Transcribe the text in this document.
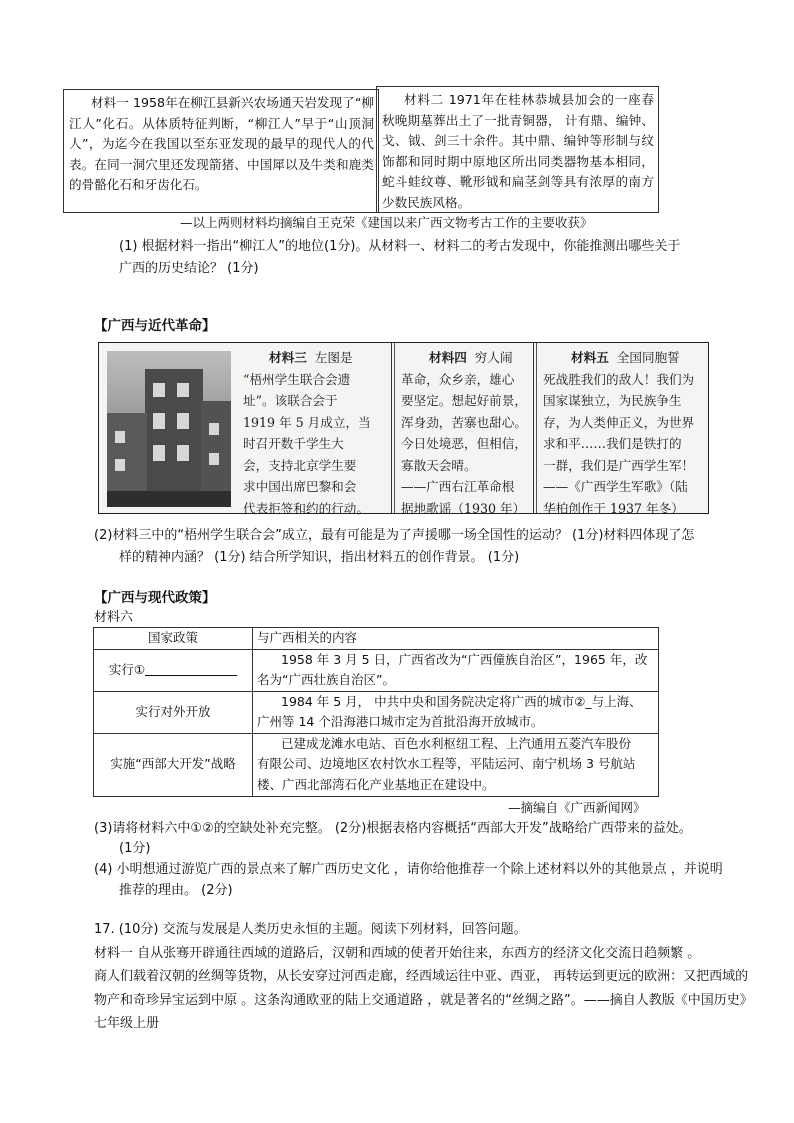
材料一 1958年在柳江县新兴农场通天岩发现了“柳江人”化石。从体质特征判断，“柳江人”早于“山顶洞人”，为迄今在我国以至东亚发现的最早的现代人的代表。在同一洞穴里还发现箭猪、中国犀以及牛类和鹿类的骨骼化石和牙齿化石。
材料二 1971年在桂林恭城县加会的一座春秋晚期墓葬出土了一批青铜器， 计有鼎、编钟、戈、钺、剑三十余件。其中鼎、编钟等形制与纹饰都和同时期中原地区所出同类器物基本相同， 蛇斗蛙纹尊、靴形钺和扁茎剑等具有浓厚的南方少数民族风格。
—以上两则材料均摘编自王克荣《建国以来广西文物考古工作的主要收获》
(1) 根据材料一指出“柳江人”的地位(1分)。从材料一、材料二的考古发现中，你能推测出哪些关于
广西的历史结论？ (1分)
【广西与近代革命】
材料三 左图是
“梧州学生联合会遗
址”。该联合会于
1919 年 5 月成立，当
时召开数千学生大
会，支持北京学生要
求中国出席巴黎和会
代表拒签和约的行动。
材料四 穷人闹
革命，众乡亲，雄心
要坚定。想起好前景，
浑身劲，苦寨也甜心。
今日处境恶，但相信，
寡散天会晴。
——广西右江革命根
据地歌谣（1930 年）
材料五 全国同胞誓
死战胜我们的敌人！我们为
国家谋独立，为民族争生
存，为人类伸正义，为世界
求和平……我们是铁打的
一群，我们是广西学生军！
——《广西学生军歌》（陆
华柏创作于 1937 年冬）
(2)材料三中的“梧州学生联合会”成立，最有可能是为了声援哪一场全国性的运动？ (1分)材料四体现了怎
样的精神内涵？ (1分) 结合所学知识，指出材料五的创作背景。 (1分)
【广西与现代政策】
材料六
国家政策	与广西相关的内容
实行①	1958 年 3 月 5 日，广西省改为“广西僮族自治区”，1965 年，改
名为“广西壮族自治区”。

实行对外开放	1984 年 5 月， 中共中央和国务院决定将广西的城市②_与上海、
广州等 14 个沿海港口城市定为首批沿海开放城市。

实施“西部大开发”战略	已建成龙滩水电站、百色水利枢纽工程、上汽通用五菱汽车股份
有限公司、边境地区农村饮水工程等，平陆运河、南宁机场 3 号航站
楼、广西北部湾石化产业基地正在建设中。
—摘编自《广西新闻网》
(3)请将材料六中①②的空缺处补充完整。 (2分)根据表格内容概括“西部大开发”战略给广西带来的益处。
(1分)
(4) 小明想通过游览广西的景点来了解广西历史文化 ，请你给他推荐一个除上述材料以外的其他景点 ，并说明
推荐的理由。 (2分)
17. (10分) 交流与发展是人类历史永恒的主题。阅读下列材料，回答问题。
材料一 自从张骞开辟通往西域的道路后，汉朝和西域的使者开始往来，东西方的经济文化交流日趋频繁 。
商人们载着汉朝的丝绸等货物，从长安穿过河西走廊，经西域运往中亚、西亚， 再转运到更远的欧洲：又把西域的
物产和奇珍异宝运到中原 。这条沟通欧亚的陆上交通道路 ，就是著名的“丝绸之路”。——摘自人教版《中国历史》
七年级上册
